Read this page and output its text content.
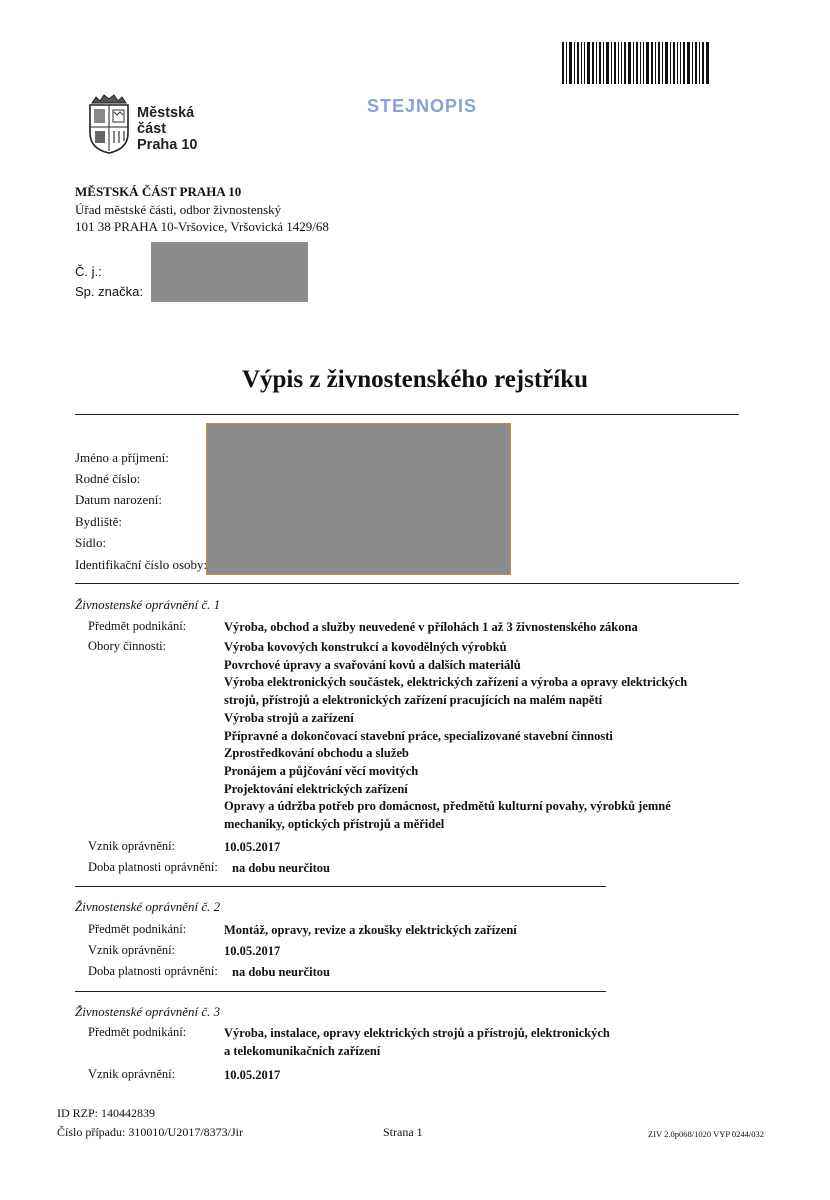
Městská
část
Praha 10
STEJNOPIS
MĚSTSKÁ ČÁST PRAHA 10
Úřad městské části, odbor živnostenský
101 38 PRAHA 10-Vršovice, Vršovická 1429/68
Č. j.:
Sp. značka:
Výpis z živnostenského rejstříku
Jméno a příjmení:
Rodné číslo:
Datum narození:
Bydliště:
Sídlo:
Identifikační číslo osoby:
Živnostenské oprávnění č. 1
Předmět podnikání:	Výroba, obchod a služby neuvedené v přílohách 1 až 3 živnostenského zákona
Obory činnosti:	Výroba kovových konstrukcí a kovodělných výrobků
Povrchové úpravy a svařování kovů a dalších materiálů
Výroba elektronických součástek, elektrických zařízení a výroba a opravy elektrických
strojů, přístrojů a elektronických zařízení pracujících na malém napětí
Výroba strojů a zařízení
Přípravné a dokončovací stavební práce, specializované stavební činnosti
Zprostředkování obchodu a služeb
Pronájem a půjčování věcí movitých
Projektování elektrických zařízení
Opravy a údržba potřeb pro domácnost, předmětů kulturní povahy, výrobků jemné
mechaniky, optických přístrojů a měřidel
Vznik oprávnění:	10.05.2017
Doba platnosti oprávnění: na dobu neurčitou
Živnostenské oprávnění č. 2
Předmět podnikání:	Montáž, opravy, revize a zkoušky elektrických zařízení
Vznik oprávnění:	10.05.2017
Doba platnosti oprávnění: na dobu neurčitou
Živnostenské oprávnění č. 3
Předmět podnikání:	Výroba, instalace, opravy elektrických strojů a přístrojů, elektronických
a telekomunikačních zařízení
Vznik oprávnění:	10.05.2017
ID RZP: 140442839
Číslo případu: 310010/U2017/8373/Jir	Strana 1	ZIV 2.0p068/1020 VYP 0244/032
